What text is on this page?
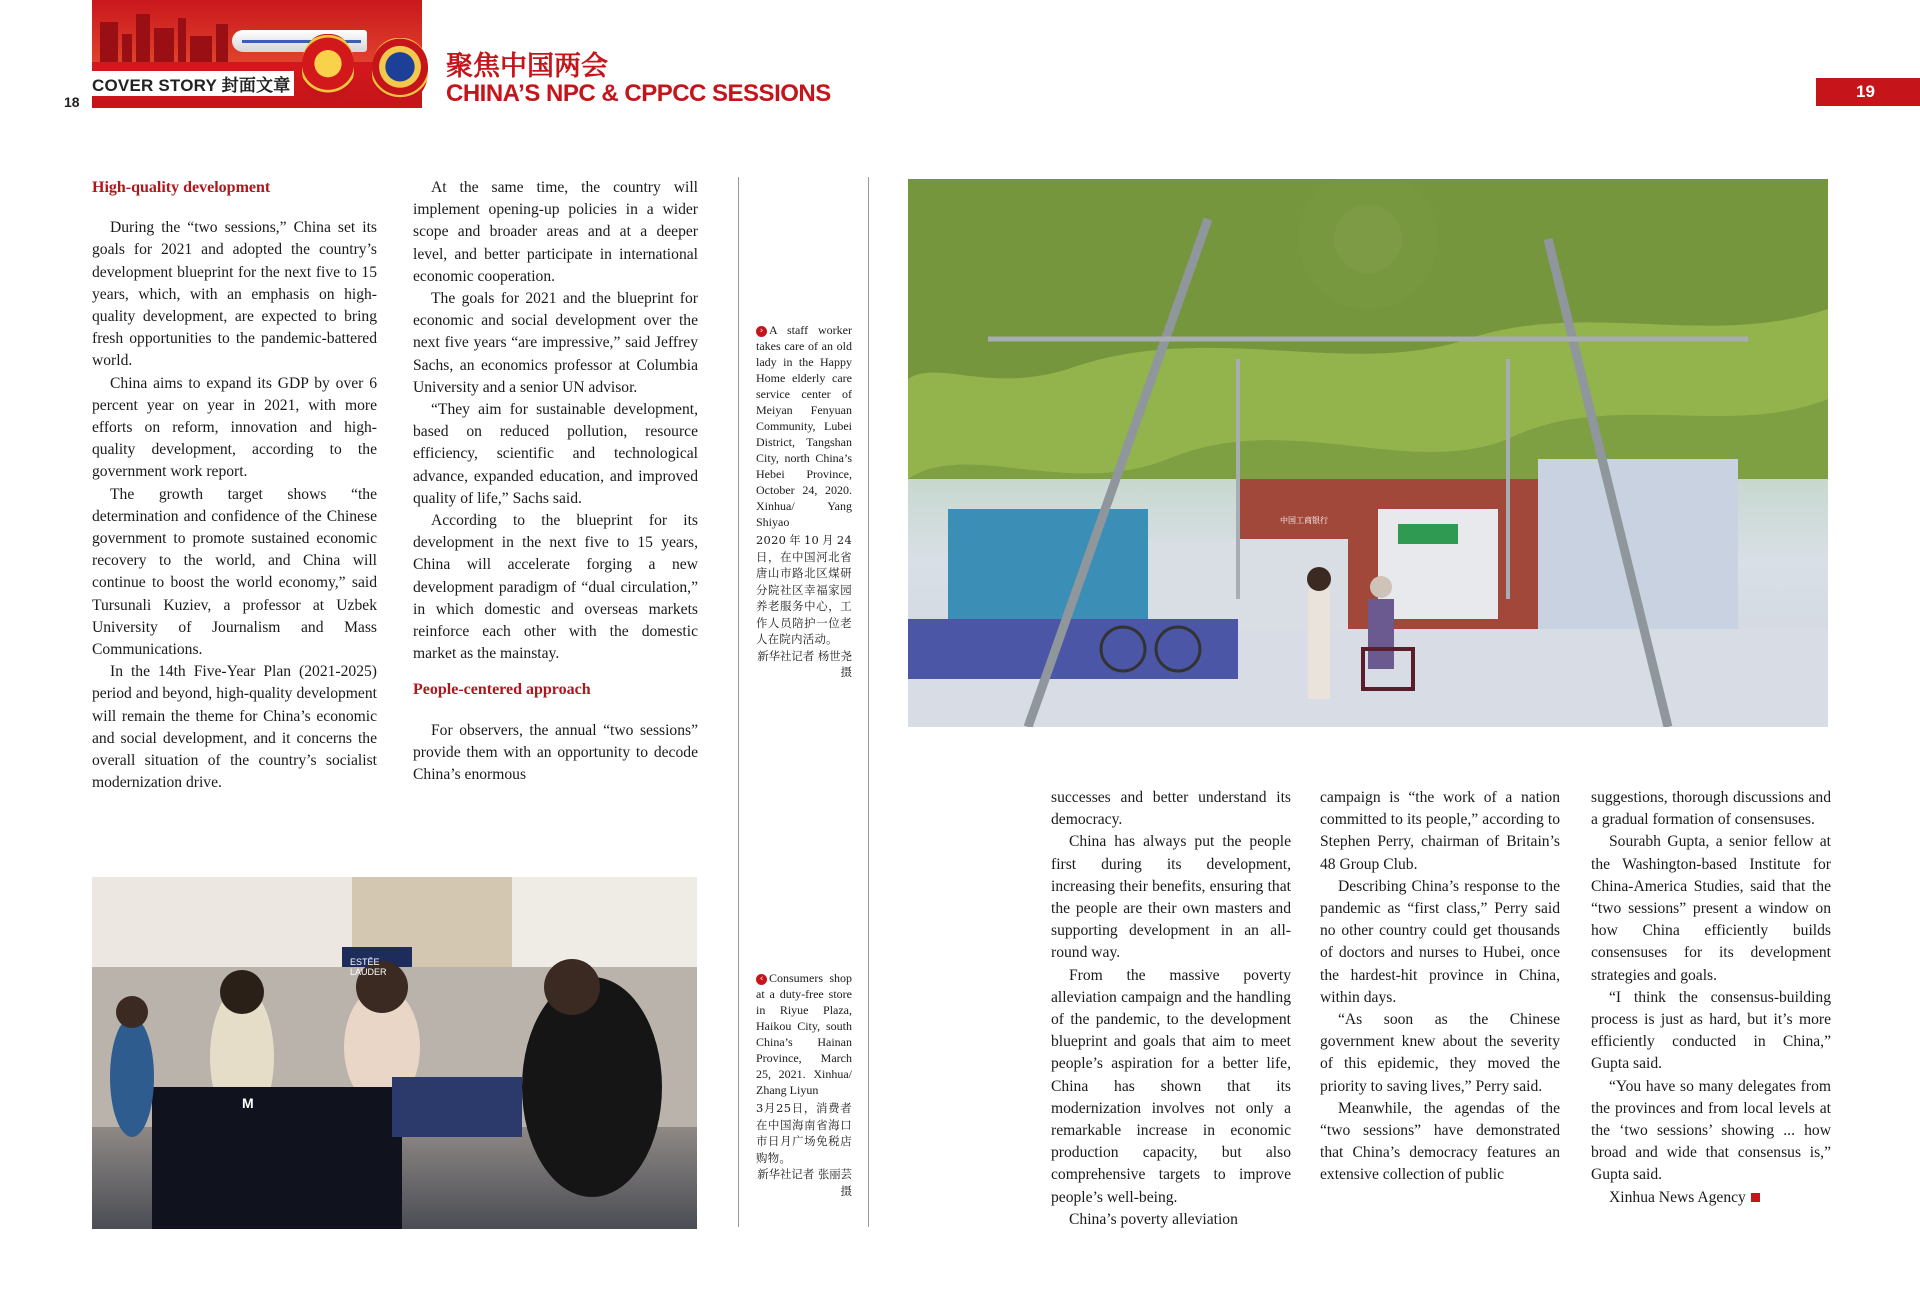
COVER STORY 封面文章
18
聚焦中国两会
CHINA’S NPC & CPPCC SESSIONS	19

High-quality development

During the “two sessions,” China set its goals for 2021 and adopted the country’s development blueprint for the next five to 15 years, which, with an emphasis on high-quality development, are expected to bring fresh opportunities to the pandemic-battered world.

China aims to expand its GDP by over 6 percent year on year in 2021, with more efforts on reform, innovation and high-quality development, according to the government work report.

The growth target shows “the determination and confidence of the Chinese government to promote sustained economic recovery to the world, and China will continue to boost the world economy,” said Tursunali Kuziev, a professor at Uzbek University of Journalism and Mass Communications.

In the 14th Five-Year Plan (2021-2025) period and beyond, high-quality development will remain the theme for China’s economic and social development, and it concerns the overall situation of the country’s socialist modernization drive.

At the same time, the country will implement opening-up policies in a wider scope and broader areas and at a deeper level, and better participate in international economic cooperation.

The goals for 2021 and the blueprint for economic and social development over the next five years “are impressive,” said Jeffrey Sachs, an economics professor at Columbia University and a senior UN advisor.

“They aim for sustainable development, based on reduced pollution, resource efficiency, scientific and technological advance, expanded education, and improved quality of life,” Sachs said.

According to the blueprint for its development in the next five to 15 years, China will accelerate forging a new development paradigm of “dual circulation,” in which domestic and overseas markets reinforce each other with the domestic market as the mainstay.

People-centered approach

For observers, the annual “two sessions” provide them with an opportunity to decode China’s enormous

› A staff worker takes care of an old lady in the Happy Home elderly care service center of Meiyan Fenyuan Community, Lubei District, Tangshan City, north China’s Hebei Province, October 24, 2020. Xinhua/ Yang Shiyao

2020年10月24日，在中国河北省唐山市路北区煤研分院社区幸福家园养老服务中心，工作人员陪护一位老人在院内活动。

新华社记者 杨世尧 摄

‹ Consumers shop at a duty-free store in Riyue Plaza, Haikou City, south China’s Hainan Province, March 25, 2021. Xinhua/ Zhang Liyun

3月25日，消费者在中国海南省海口市日月广场免税店购物。

新华社记者 张丽芸 摄

ESTĒE LAUDER
M
中国工商银行

successes and better understand its democracy.

China has always put the people first during its development, increasing their benefits, ensuring that the people are their own masters and supporting development in an all-round way.

From the massive poverty alleviation campaign and the handling of the pandemic, to the development blueprint and goals that aim to meet people’s aspiration for a better life, China has shown that its modernization involves not only a remarkable increase in economic production capacity, but also comprehensive targets to improve people’s well-being.

China’s poverty alleviation

campaign is “the work of a nation committed to its people,” according to Stephen Perry, chairman of Britain’s 48 Group Club.

Describing China’s response to the pandemic as “first class,” Perry said no other country could get thousands of doctors and nurses to Hubei, once the hardest-hit province in China, within days.

“As soon as the Chinese government knew about the severity of this epidemic, they moved the priority to saving lives,” Perry said.

Meanwhile, the agendas of the “two sessions” have demonstrated that China’s democracy features an extensive collection of public

suggestions, thorough discussions and a gradual formation of consensuses.

Sourabh Gupta, a senior fellow at the Washington-based Institute for China-America Studies, said that the “two sessions” present a window on how China efficiently builds consensuses for its development strategies and goals.

“I think the consensus-building process is just as hard, but it’s more efficiently conducted in China,” Gupta said.

“You have so many delegates from the provinces and from local levels at the ‘two sessions’ showing ... how broad and wide that consensus is,” Gupta said.

Xinhua News Agency
